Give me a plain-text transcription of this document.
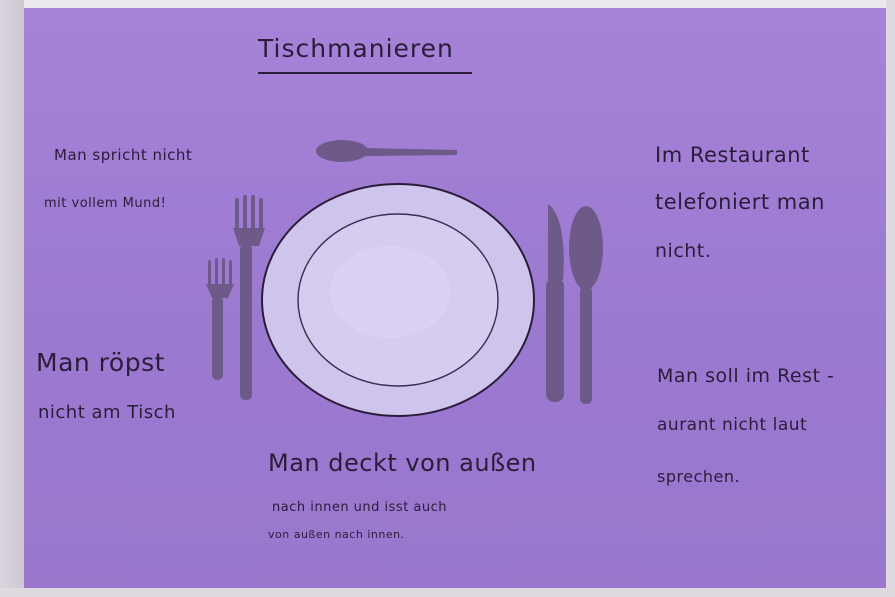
Tischmanieren
Man spricht nicht
mit vollem Mund!
Im Restaurant
telefoniert man
nicht.
Man röpst
nicht am Tisch
Man soll im Rest -
aurant nicht laut
sprechen.
Man deckt von außen
nach innen und isst auch
von außen nach innen.
